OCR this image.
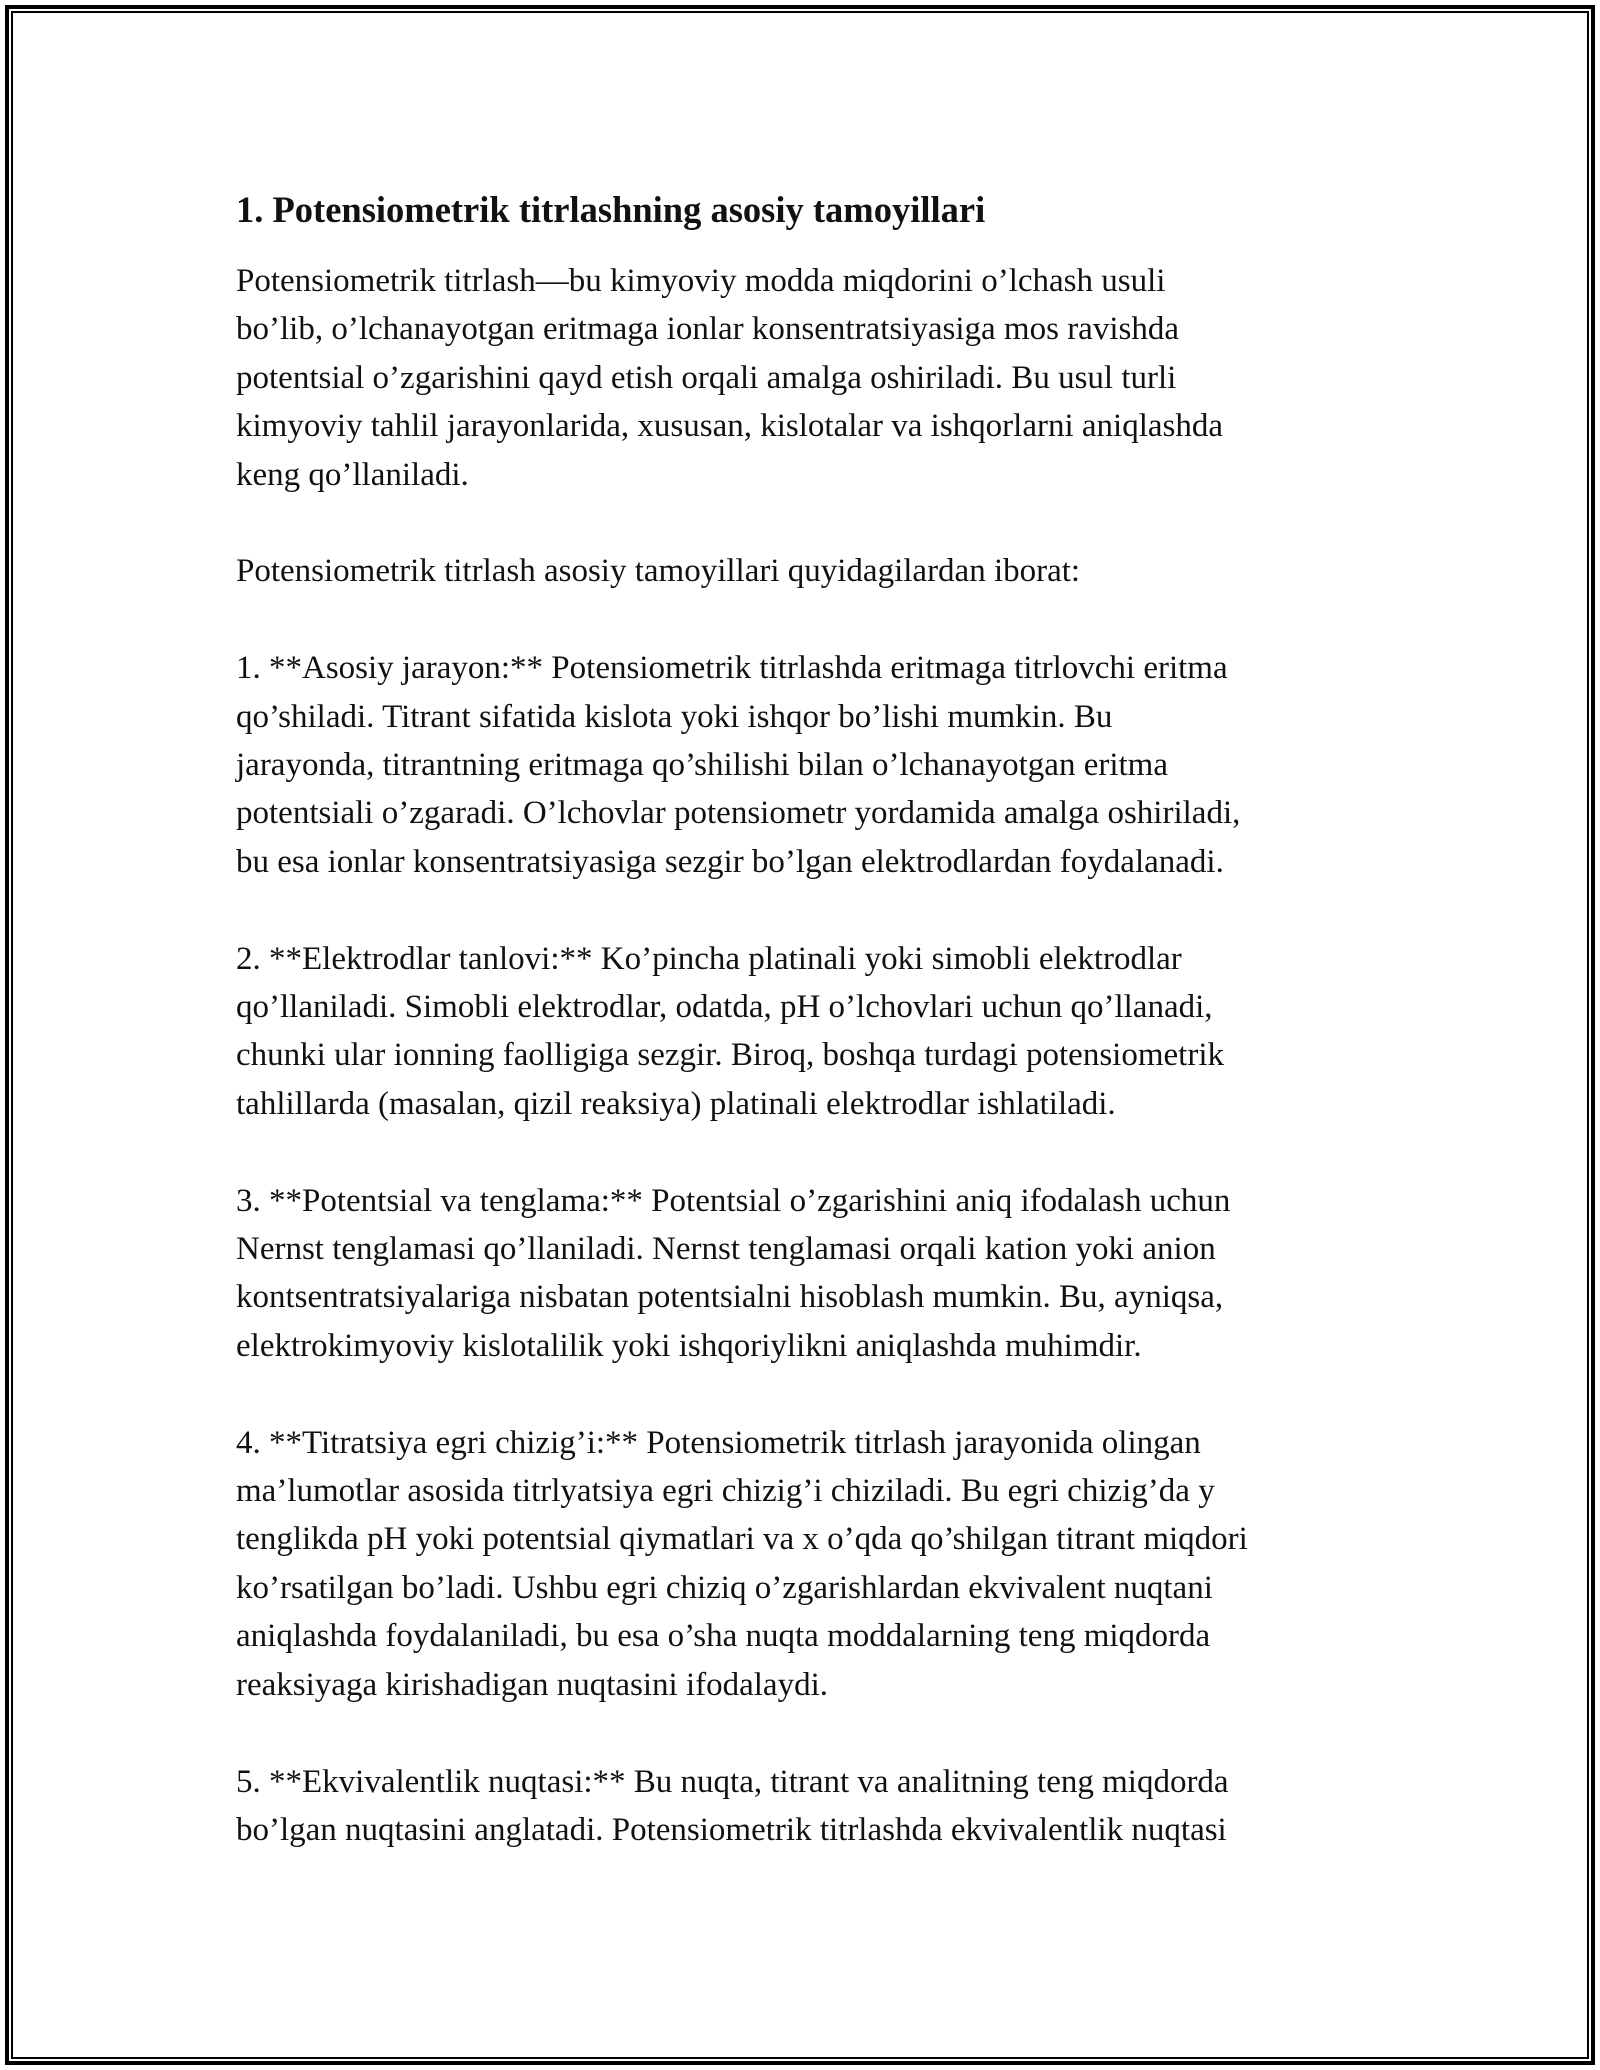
1. Potensiometrik titrlashning asosiy tamoyillari

Potensiometrik titrlash—bu kimyoviy modda miqdorini o’lchash usuli
bo’lib, o’lchanayotgan eritmaga ionlar konsentratsiyasiga mos ravishda
potentsial o’zgarishini qayd etish orqali amalga oshiriladi. Bu usul turli
kimyoviy tahlil jarayonlarida, xususan, kislotalar va ishqorlarni aniqlashda
keng qo’llaniladi.

Potensiometrik titrlash asosiy tamoyillari quyidagilardan iborat:

1. **Asosiy jarayon:** Potensiometrik titrlashda eritmaga titrlovchi eritma
qo’shiladi. Titrant sifatida kislota yoki ishqor bo’lishi mumkin. Bu
jarayonda, titrantning eritmaga qo’shilishi bilan o’lchanayotgan eritma
potentsiali o’zgaradi. O’lchovlar potensiometr yordamida amalga oshiriladi,
bu esa ionlar konsentratsiyasiga sezgir bo’lgan elektrodlardan foydalanadi.

2. **Elektrodlar tanlovi:** Ko’pincha platinali yoki simobli elektrodlar
qo’llaniladi. Simobli elektrodlar, odatda, pH o’lchovlari uchun qo’llanadi,
chunki ular ionning faolligiga sezgir. Biroq, boshqa turdagi potensiometrik
tahlillarda (masalan, qizil reaksiya) platinali elektrodlar ishlatiladi.

3. **Potentsial va tenglama:** Potentsial o’zgarishini aniq ifodalash uchun
Nernst tenglamasi qo’llaniladi. Nernst tenglamasi orqali kation yoki anion
kontsentratsiyalariga nisbatan potentsialni hisoblash mumkin. Bu, ayniqsa,
elektrokimyoviy kislotalilik yoki ishqoriylikni aniqlashda muhimdir.

4. **Titratsiya egri chizig’i:** Potensiometrik titrlash jarayonida olingan
ma’lumotlar asosida titrlyatsiya egri chizig’i chiziladi. Bu egri chizig’da y
tenglikda pH yoki potentsial qiymatlari va x o’qda qo’shilgan titrant miqdori
ko’rsatilgan bo’ladi. Ushbu egri chiziq o’zgarishlardan ekvivalent nuqtani
aniqlashda foydalaniladi, bu esa o’sha nuqta moddalarning teng miqdorda
reaksiyaga kirishadigan nuqtasini ifodalaydi.

5. **Ekvivalentlik nuqtasi:** Bu nuqta, titrant va analitning teng miqdorda
bo’lgan nuqtasini anglatadi. Potensiometrik titrlashda ekvivalentlik nuqtasi
